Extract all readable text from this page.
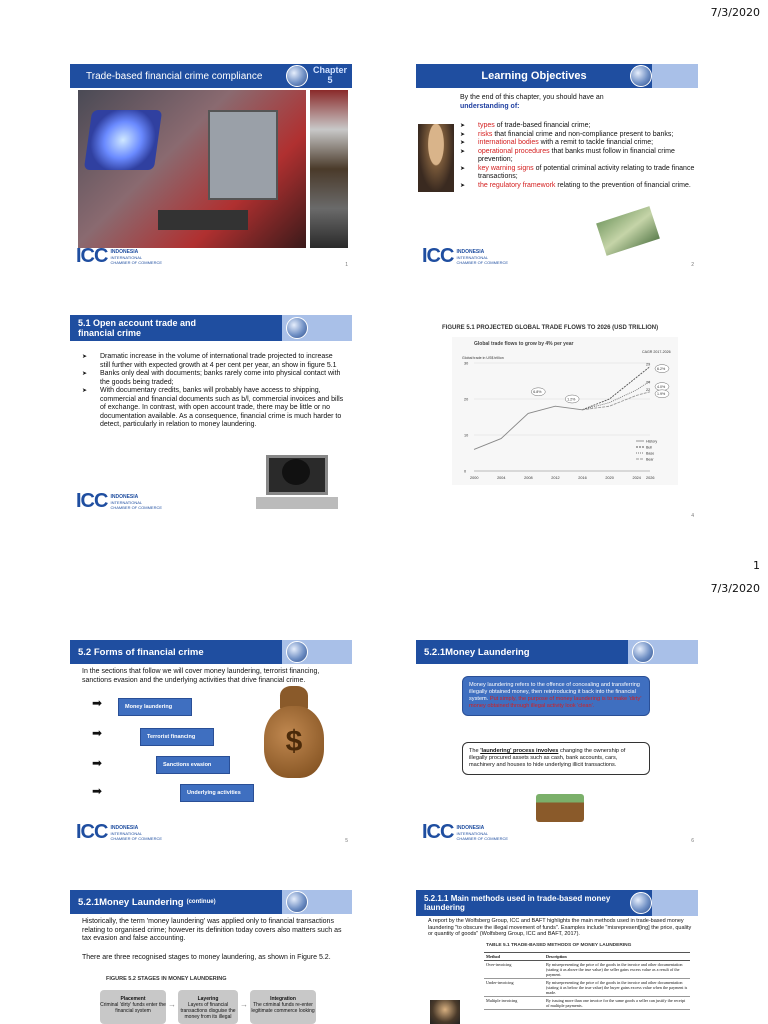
7/3/2020
1
7/3/2020
Trade-based financial crime compliance
Chapter 5
ICC INDONESIA
INTERNATIONAL
CHAMBER OF COMMERCE	1
Learning Objectives
By the end of this chapter, you should have an
understanding of:
➤ types of trade-based financial crime;
➤ risks that financial crime and non-compliance present to banks;
➤ international bodies with a remit to tackle financial crime;
➤ operational procedures that banks must follow in financial crime prevention;
➤ key warning signs of potential criminal activity relating to trade finance transactions;
➤ the regulatory framework relating to the prevention of financial crime.
ICC INDONESIA
INTERNATIONAL
CHAMBER OF COMMERCE	2
5.1 Open account trade and financial crime
➤ Dramatic increase in the volume of international trade projected to increase still further with expected growth at 4 per cent per year, an show in figure 5.1
➤ Banks only deal with documents; banks rarely come into physical contact with the goods being traded;
➤ With documentary credits, banks will probably have access to shipping, commercial and financial documents such as b/l, commercial invoices and bills of exchange. In contrast, with open account trade, there may be little or no documentation available. As a consequence, financial crime is much harder to detect, particularly in relation to money laundering.
ICC INDONESIA
INTERNATIONAL
CHAMBER OF COMMERCE
FIGURE 5.1 PROJECTED GLOBAL TRADE FLOWS TO 2026 (USD TRILLION)
Global trade flows to grow by 4% per year
Global trade in US$ trillion
CAGR 2017-2026
0
10
20
30
2000	2004	2008	2012	2016	2020	2024 2026
29
24
22
6.2%
4.0%
1.9%
6.8%
1.2%
History
Bull
Base
Bear
4
5.2 Forms of financial crime
In the sections that follow we will cover money laundering, terrorist financing, sanctions evasion and the underlying activities that drive financial crime.
➡	Money laundering
➡	Terrorist financing
➡	Sanctions evasion
➡	Underlying activities
$
ICC INDONESIA
INTERNATIONAL
CHAMBER OF COMMERCE	5
5.2.1Money Laundering
Money laundering refers to the offence of concealing and transferring illegally obtained money, then reintroducing it back into the financial system. Put simply, the purpose of money laundering is to make 'dirty' money obtained through illegal activity look 'clean'.
The 'laundering' process involves changing the ownership of illegally procured assets such as cash, bank accounts, cars, machinery and houses to hide underlying illicit transactions.
ICC INDONESIA
INTERNATIONAL
CHAMBER OF COMMERCE	6
5.2.1Money Laundering (continue)
Historically, the term 'money laundering' was applied only to financial transactions relating to organised crime; however its definition today covers also matters such as tax evasion and false accounting.
There are three recognised stages to money laundering, as shown in Figure 5.2.
FIGURE 5.2 STAGES IN MONEY LAUNDERING
Placement
Criminal 'dirty' funds enter the financial system
→
Layering
Layers of financial transactions disguise the money from its illegal
→
Integration
The criminal funds re-enter legitimate commerce looking
5.2.1.1 Main methods used in trade-based money laundering
A report by the Wolfsberg Group, ICC and BAFT highlights the main methods used in trade-based money laundering "to obscure the illegal movement of funds". Examples include "misrepresent[ing] the price, quality or quantity of goods" (Wolfsberg Group, ICC and BAFT, 2017).
TABLE 5.1 TRADE-BASED METHODS OF MONEY LAUNDERING
Method	Description
Over-invoicing	By misrepresenting the price of the goods in the invoice and other documentation (stating it as above the true value) the seller gains excess value as a result of the payment.
Under-invoicing	By misrepresenting the price of the goods in the invoice and other documentation (stating it as below the true value) the buyer gains excess value when the payment is made.
Multiple invoicing	By issuing more than one invoice for the same goods a seller can justify the receipt of multiple payments.
